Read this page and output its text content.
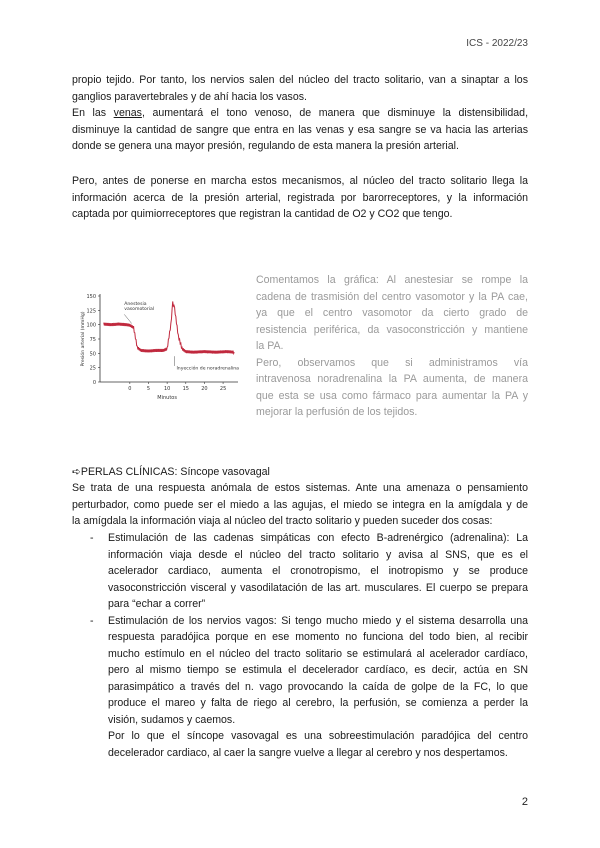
ICS - 2022/23

propio tejido. Por tanto, los nervios salen del núcleo del tracto solitario, van a sinaptar a los
ganglios paravertebrales y de ahí hacia los vasos.

En las venas, aumentará el tono venoso, de manera que disminuye la distensibilidad,
disminuye la cantidad de sangre que entra en las venas y esa sangre se va hacia las arterias
donde se genera una mayor presión, regulando de esta manera la presión arterial.

Pero, antes de ponerse en marcha estos mecanismos, al núcleo del tracto solitario llega la
información acerca de la presión arterial, registrada por barorreceptores, y la información
captada por quimiorreceptores que registran la cantidad de O2 y CO2 que tengo.

0
25
50
75
100
125
150
0	5	10 15 20 25
Minutos
Presión arterial (mmHg)
Anestesia
vasomotorial
Inyección de noradrenalina

Comentamos la gráfica: Al anestesiar se rompe la
cadena de trasmisión del centro vasomotor y la PA cae,
ya que el centro vasomotor da cierto grado de
resistencia periférica, da vasoconstricción y mantiene
la PA.
Pero, observamos que si administramos vía
intravenosa noradrenalina la PA aumenta, de manera
que esta se usa como fármaco para aumentar la PA y
mejorar la perfusión de los tejidos.

➪PERLAS CLÍNICAS: Síncope vasovagal

Se trata de una respuesta anómala de estos sistemas. Ante una amenaza o pensamiento
perturbador, como puede ser el miedo a las agujas, el miedo se integra en la amígdala y de
la amígdala la información viaja al núcleo del tracto solitario y pueden suceder dos cosas:

- Estimulación de las cadenas simpáticas con efecto B-adrenérgico (adrenalina): La
información viaja desde el núcleo del tracto solitario y avisa al SNS, que es el
acelerador cardiaco, aumenta el cronotropismo, el inotropismo y se produce
vasoconstricción visceral y vasodilatación de las art. musculares. El cuerpo se prepara
para “echar a correr”
- Estimulación de los nervios vagos: Si tengo mucho miedo y el sistema desarrolla una
respuesta paradójica porque en ese momento no funciona del todo bien, al recibir
mucho estímulo en el núcleo del tracto solitario se estimulará al acelerador cardíaco,
pero al mismo tiempo se estimula el decelerador cardíaco, es decir, actúa en SN
parasimpático a través del n. vago provocando la caída de golpe de la FC, lo que
produce el mareo y falta de riego al cerebro, la perfusión, se comienza a perder la
visión, sudamos y caemos.
Por lo que el síncope vasovagal es una sobreestimulación paradójica del centro
decelerador cardiaco, al caer la sangre vuelve a llegar al cerebro y nos despertamos.
2
